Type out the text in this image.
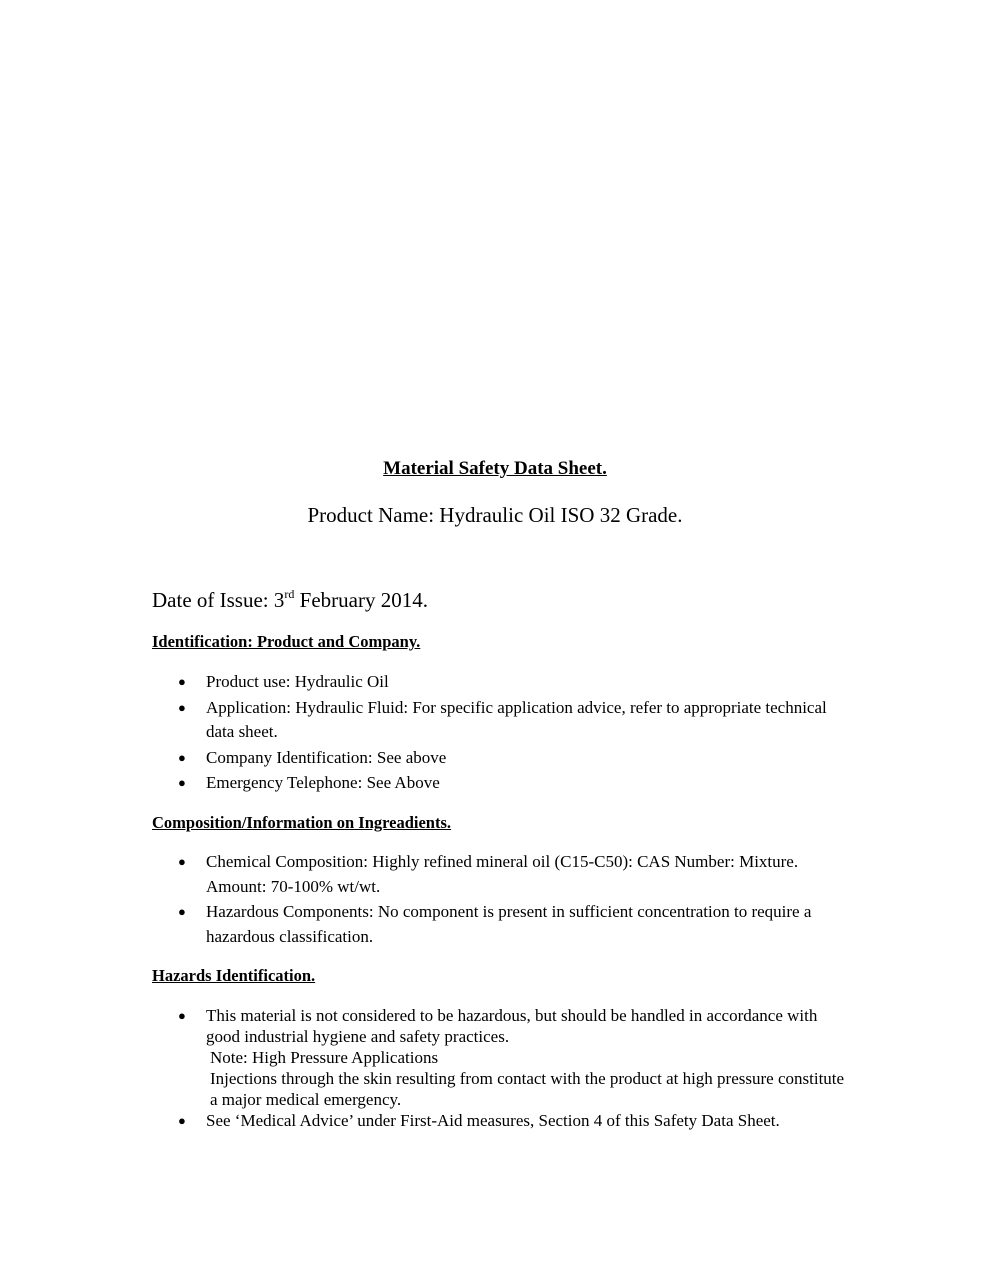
Material Safety Data Sheet.
Product Name: Hydraulic Oil ISO 32 Grade.
Date of Issue: 3rd February 2014.
Identification: Product and Company.
● Product use: Hydraulic Oil
● Application: Hydraulic Fluid: For specific application advice, refer to appropriate technical data sheet.
● Company Identification: See above
● Emergency Telephone: See Above
Composition/Information on Ingreadients.
● Chemical Composition: Highly refined mineral oil (C15-C50): CAS Number: Mixture. Amount: 70-100% wt/wt.
● Hazardous Components: No component is present in sufficient concentration to require a hazardous classification.
Hazards Identification.
● This material is not considered to be hazardous, but should be handled in accordance with good industrial hygiene and safety practices.
Note: High Pressure Applications
Injections through the skin resulting from contact with the product at high pressure constitute a major medical emergency.
● See ‘Medical Advice’ under First-Aid measures, Section 4 of this Safety Data Sheet.
